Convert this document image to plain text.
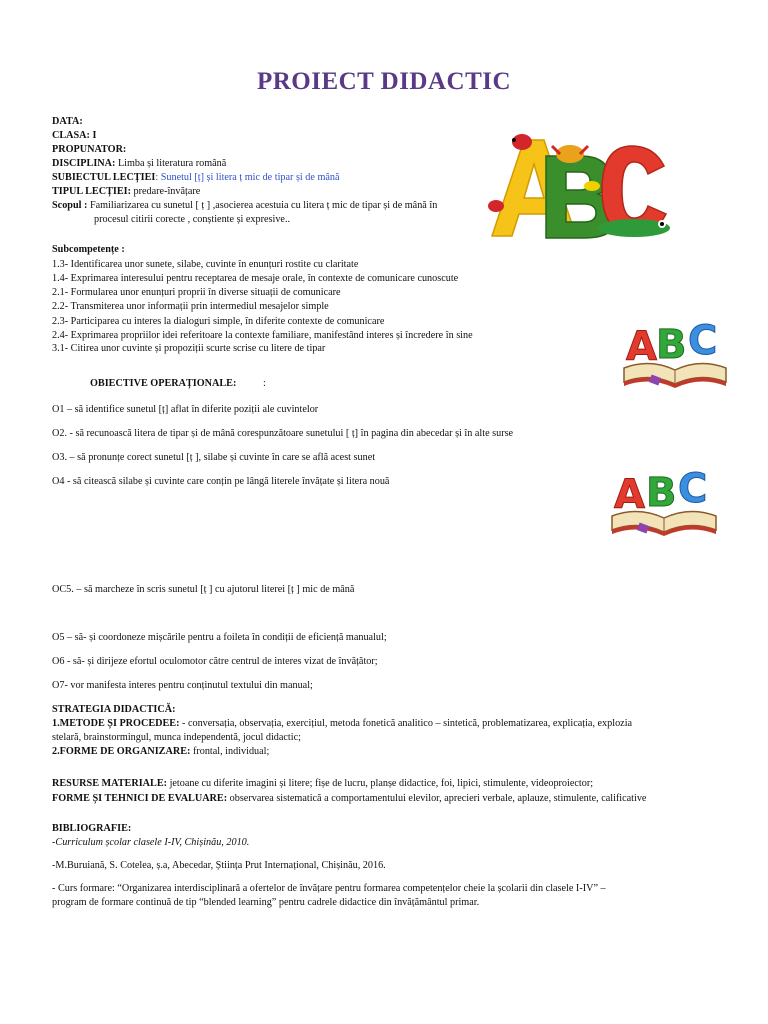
PROIECT DIDACTIC
DATA:
CLASA: I
PROPUNATOR:
DISCIPLINA: Limba și literatura română
SUBIECTUL LECȚIEI: Sunetul [ț] și litera ț mic de tipar și de mână
TIPUL LECȚIEI: predare-învățare
Scopul : Familiarizarea cu sunetul [ ț ] ,asocierea acestuia cu litera ț mic de tipar și de mână în
procesul citirii corecte , conștiente și expresive..
Subcompetențe :
1.3- Identificarea unor sunete, silabe, cuvinte în enunțuri rostite cu claritate
1.4- Exprimarea interesului pentru receptarea de mesaje orale, în contexte de comunicare cunoscute
2.1- Formularea unor enunțuri proprii în diverse situații de comunicare
2.2- Transmiterea unor informații prin intermediul mesajelor simple
2.3- Participarea cu interes la dialoguri simple, în diferite contexte de comunicare
2.4- Exprimarea propriilor idei referitoare la contexte familiare, manifestând interes și încredere în sine
3.1- Citirea unor cuvinte și propoziții scurte scrise cu litere de tipar
OBIECTIVE OPERAȚIONALE:	:
O1 – să identifice sunetul [ț] aflat în diferite poziții ale cuvintelor
O2. - să recunoască litera de tipar și de mână corespunzătoare sunetului [ ț] în pagina din abecedar și în alte surse
O3. – să pronunțe corect sunetul [ț ], silabe și cuvinte în care se află acest sunet
O4 - să citească silabe și cuvinte care conțin pe lângă literele învățate și litera nouă
OC5. – să marcheze în scris sunetul [ț ] cu ajutorul literei [ț ] mic de mână
O5 – să- și coordoneze mișcările pentru a foileta în condiții de eficiență manualul;
O6 - să- și dirijeze efortul oculomotor către centrul de interes vizat de învățător;
O7- vor manifesta interes pentru conținutul textului din manual;
STRATEGIA DIDACTICĂ:
1.METODE ȘI PROCEDEE: - conversația, observația, exercițiul, metoda fonetică analitico – sintetică, problematizarea, explicația, explozia
stelară, brainstormingul, munca independentă, jocul didactic;
2.FORME DE ORGANIZARE: frontal, individual;
RESURSE MATERIALE: jetoane cu diferite imagini și litere; fișe de lucru, planșe didactice, foi, lipici, stimulente, videoproiector;
FORME ȘI TEHNICI DE EVALUARE: observarea sistematică a comportamentului elevilor, aprecieri verbale, aplauze, stimulente, calificative
BIBLIOGRAFIE:
-Curriculum școlar clasele I-IV, Chișinău, 2010.
-M.Buruiană, S. Cotelea, ș.a, Abecedar, Știința Prut Internațional, Chișinău, 2016.
- Curs formare: “Organizarea interdisciplinară a ofertelor de învățare pentru formarea competențelor cheie la școlarii din clasele I-IV” –
program de formare continuă de tip “blended learning” pentru cadrele didactice din învățământul primar.
A B C
A B C
